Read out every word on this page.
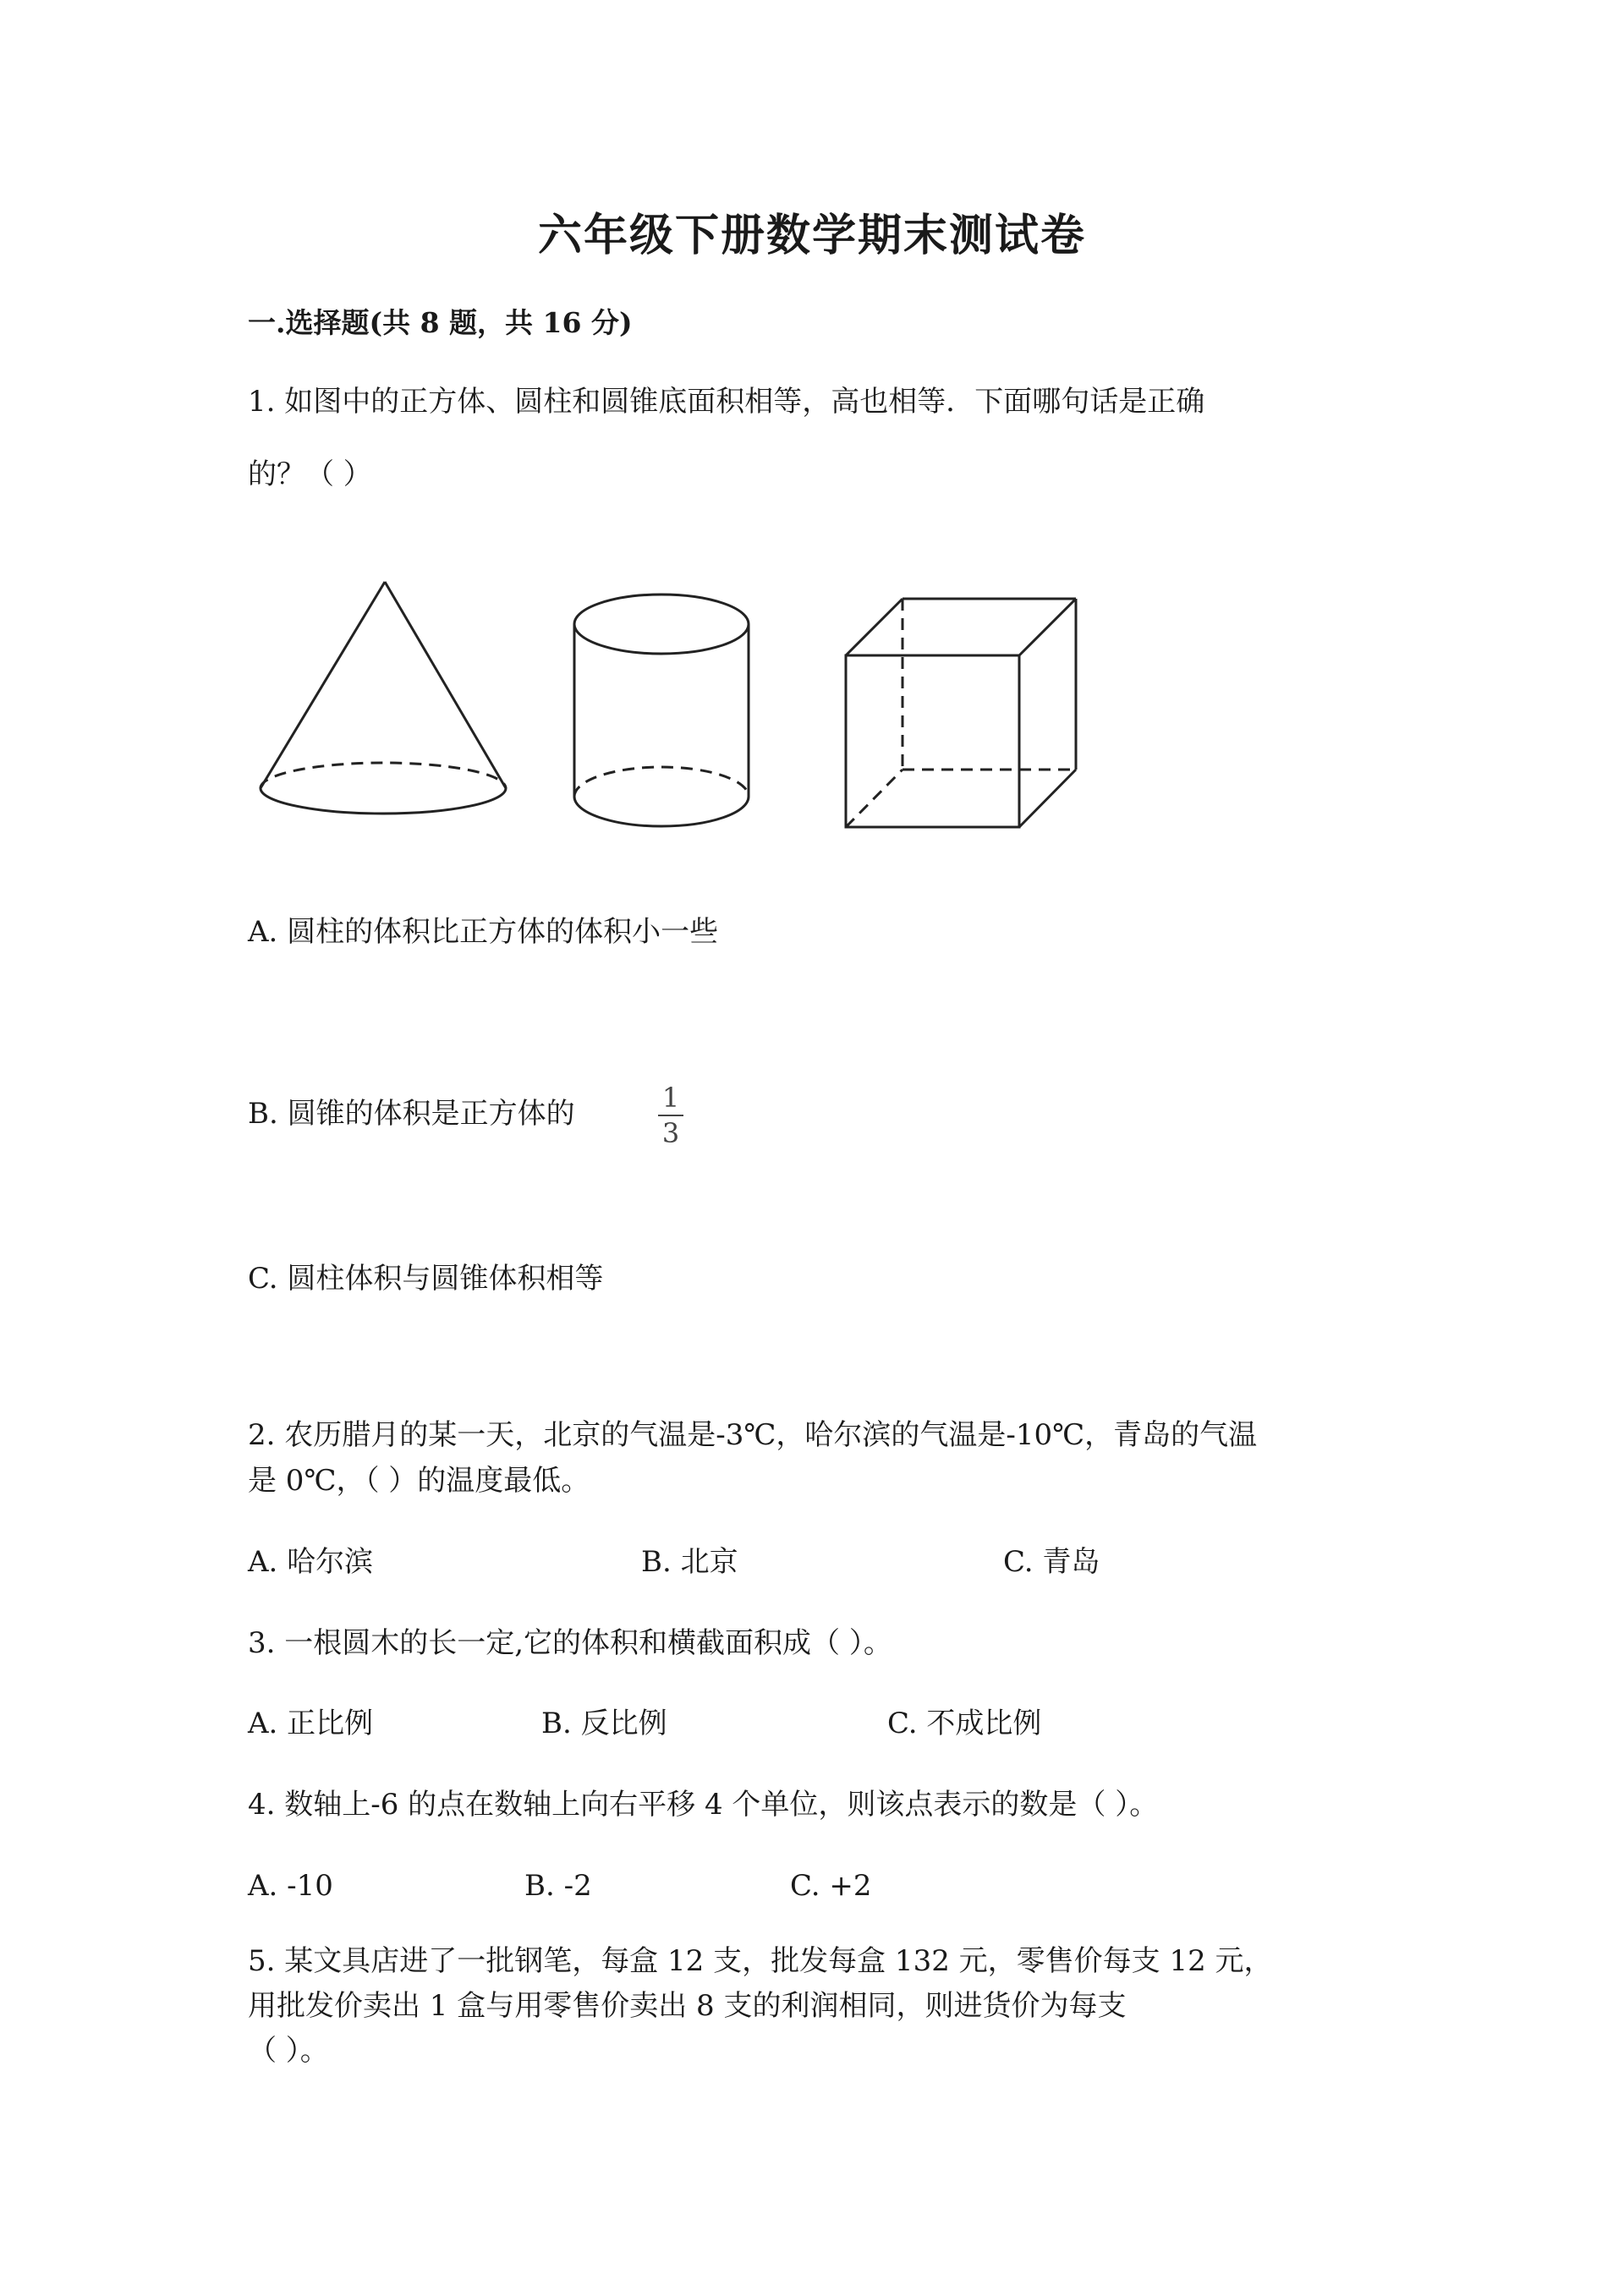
六年级下册数学期末测试卷
一.选择题(共 8 题，共 16 分)
1. 如图中的正方体、圆柱和圆锥底面积相等，高也相等．下面哪句话是正确
的？（ ）
A. 圆柱的体积比正方体的体积小一些
B. 圆锥的体积是正方体的	1
3
C. 圆柱体积与圆锥体积相等
2. 农历腊月的某一天，北京的气温是-3℃，哈尔滨的气温是-10℃，青岛的气温
是 0℃，（ ）的温度最低。
A. 哈尔滨	B. 北京	C. 青岛
3. 一根圆木的长一定,它的体积和横截面积成（ ）。
A. 正比例	B. 反比例	C. 不成比例
4. 数轴上-6 的点在数轴上向右平移 4 个单位，则该点表示的数是（ ）。
A. -10	B. -2	C. +2
5. 某文具店进了一批钢笔，每盒 12 支，批发每盒 132 元，零售价每支 12 元，
用批发价卖出 1 盒与用零售价卖出 8 支的利润相同，则进货价为每支
（ ）。
